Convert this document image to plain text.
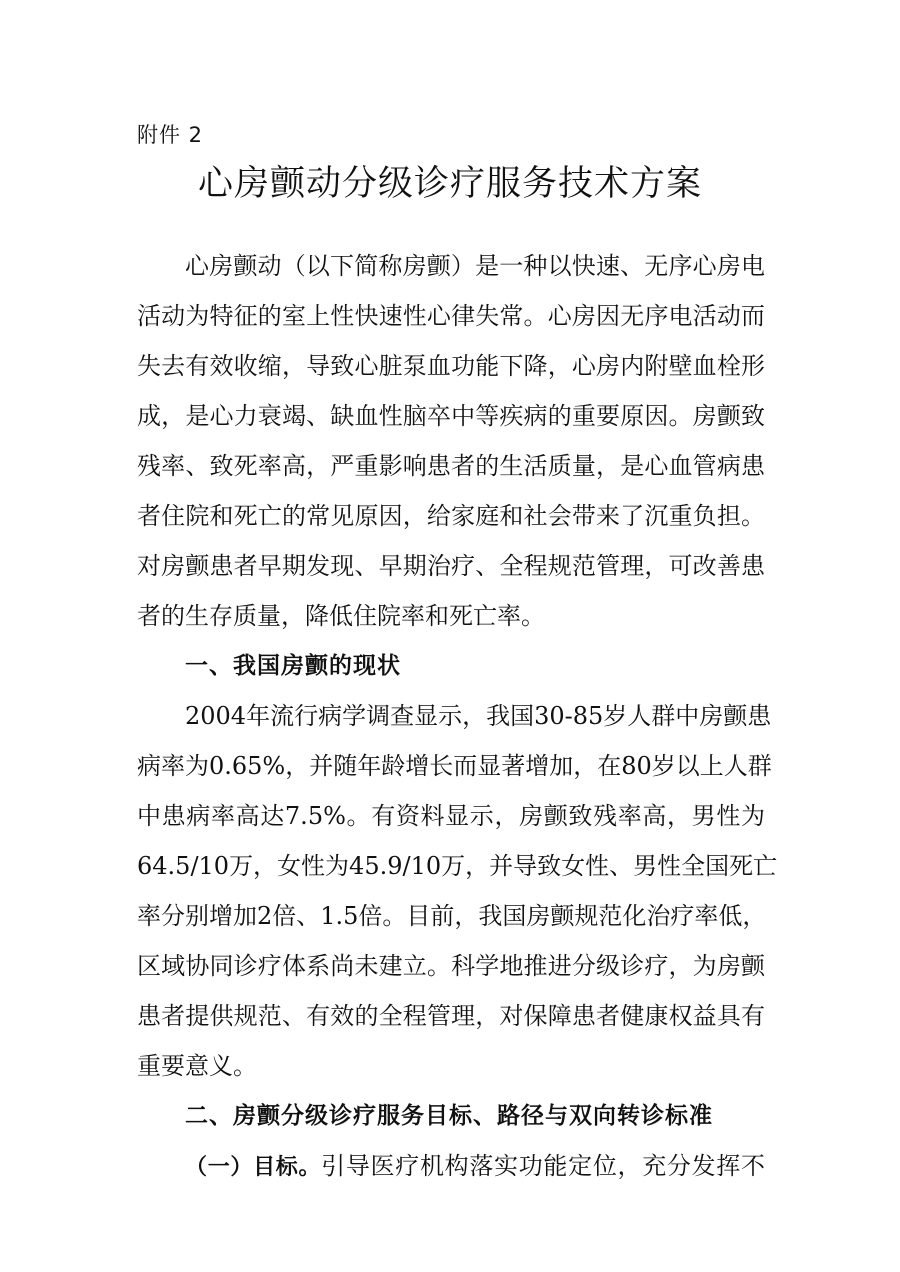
附件 2
心房颤动分级诊疗服务技术方案
心房颤动（以下简称房颤）是一种以快速、无序心房电
活动为特征的室上性快速性心律失常。心房因无序电活动而
失去有效收缩，导致心脏泵血功能下降，心房内附壁血栓形
成，是心力衰竭、缺血性脑卒中等疾病的重要原因。房颤致
残率、致死率高，严重影响患者的生活质量，是心血管病患
者住院和死亡的常见原因，给家庭和社会带来了沉重负担。
对房颤患者早期发现、早期治疗、全程规范管理，可改善患
者的生存质量，降低住院率和死亡率。
一、我国房颤的现状
2004年流行病学调查显示，我国30-85岁人群中房颤患
病率为0.65%，并随年龄增长而显著增加，在80岁以上人群
中患病率高达7.5%。有资料显示，房颤致残率高，男性为
64.5/10万，女性为45.9/10万，并导致女性、男性全国死亡
率分别增加2倍、1.5倍。目前，我国房颤规范化治疗率低，
区域协同诊疗体系尚未建立。科学地推进分级诊疗，为房颤
患者提供规范、有效的全程管理，对保障患者健康权益具有
重要意义。
二、房颤分级诊疗服务目标、路径与双向转诊标准
（一）目标。引导医疗机构落实功能定位，充分发挥不
